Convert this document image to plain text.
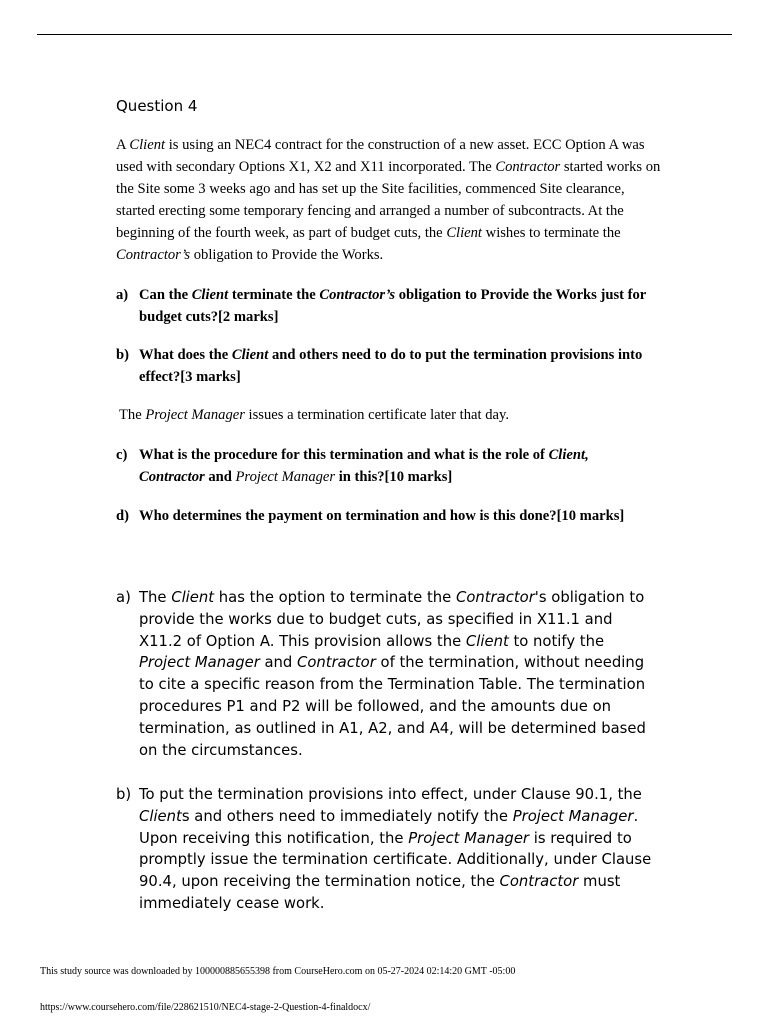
Question 4
A Client is using an NEC4 contract for the construction of a new asset. ECC Option A was used with secondary Options X1, X2 and X11 incorporated. The Contractor started works on the Site some 3 weeks ago and has set up the Site facilities, commenced Site clearance, started erecting some temporary fencing and arranged a number of subcontracts. At the beginning of the fourth week, as part of budget cuts, the Client wishes to terminate the Contractor’s obligation to Provide the Works.
a) Can the Client terminate the Contractor’s obligation to Provide the Works just for budget cuts?[2 marks]
b) What does the Client and others need to do to put the termination provisions into effect?[3 marks]
The Project Manager issues a termination certificate later that day.
c) What is the procedure for this termination and what is the role of Client,
Contractor and Project Manager in this?[10 marks]
d) Who determines the payment on termination and how is this done?[10 marks]
a) The Client has the option to terminate the Contractor's obligation to provide the works due to budget cuts, as specified in X11.1 and X11.2 of Option A. This provision allows the Client to notify the Project Manager and Contractor of the termination, without needing to cite a specific reason from the Termination Table. The termination procedures P1 and P2 will be followed, and the amounts due on termination, as outlined in A1, A2, and A4, will be determined based on the circumstances.
b) To put the termination provisions into effect, under Clause 90.1, the Clients and others need to immediately notify the Project Manager. Upon receiving this notification, the Project Manager is required to promptly issue the termination certificate. Additionally, under Clause 90.4, upon receiving the termination notice, the Contractor must immediately cease work.
This study source was downloaded by 100000885655398 from CourseHero.com on 05-27-2024 02:14:20 GMT -05:00
https://www.coursehero.com/file/228621510/NEC4-stage-2-Question-4-finaldocx/
